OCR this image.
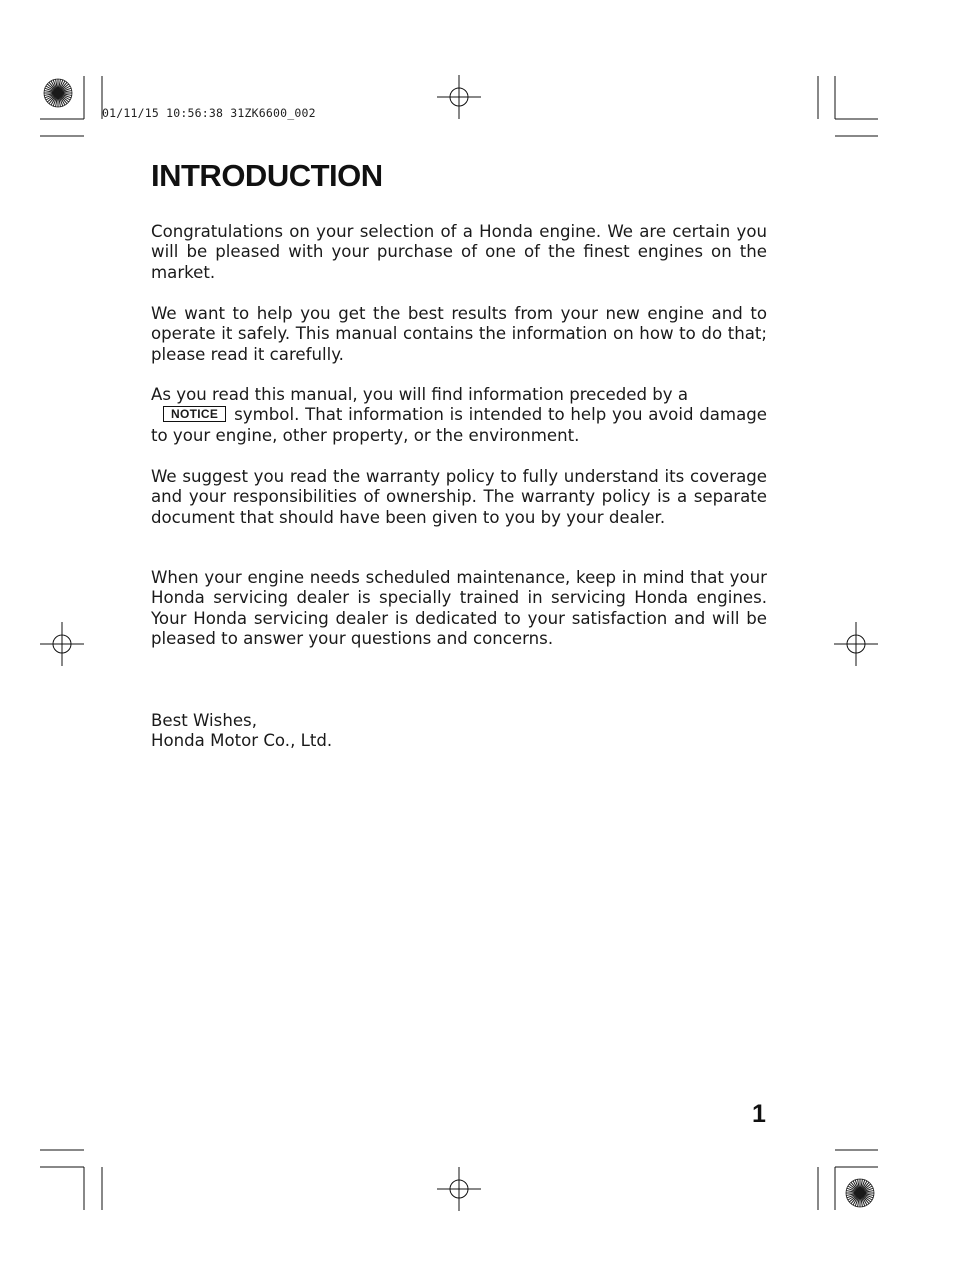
01/11/15 10:56:38 31ZK6600_002
INTRODUCTION

Congratulations on your selection of a Honda engine. We are certain you will be pleased with your purchase of one of the finest engines on the market.

We want to help you get the best results from your new engine and to operate it safely. This manual contains the information on how to do that; please read it carefully.

As you read this manual, you will find information preceded by a
NOTICE symbol. That information is intended to help you avoid damage to your engine, other property, or the environment.

We suggest you read the warranty policy to fully understand its coverage and your responsibilities of ownership. The warranty policy is a separate document that should have been given to you by your dealer.

When your engine needs scheduled maintenance, keep in mind that your Honda servicing dealer is specially trained in servicing Honda engines. Your Honda servicing dealer is dedicated to your satisfaction and will be pleased to answer your questions and concerns.

Best Wishes,
Honda Motor Co., Ltd.

1
